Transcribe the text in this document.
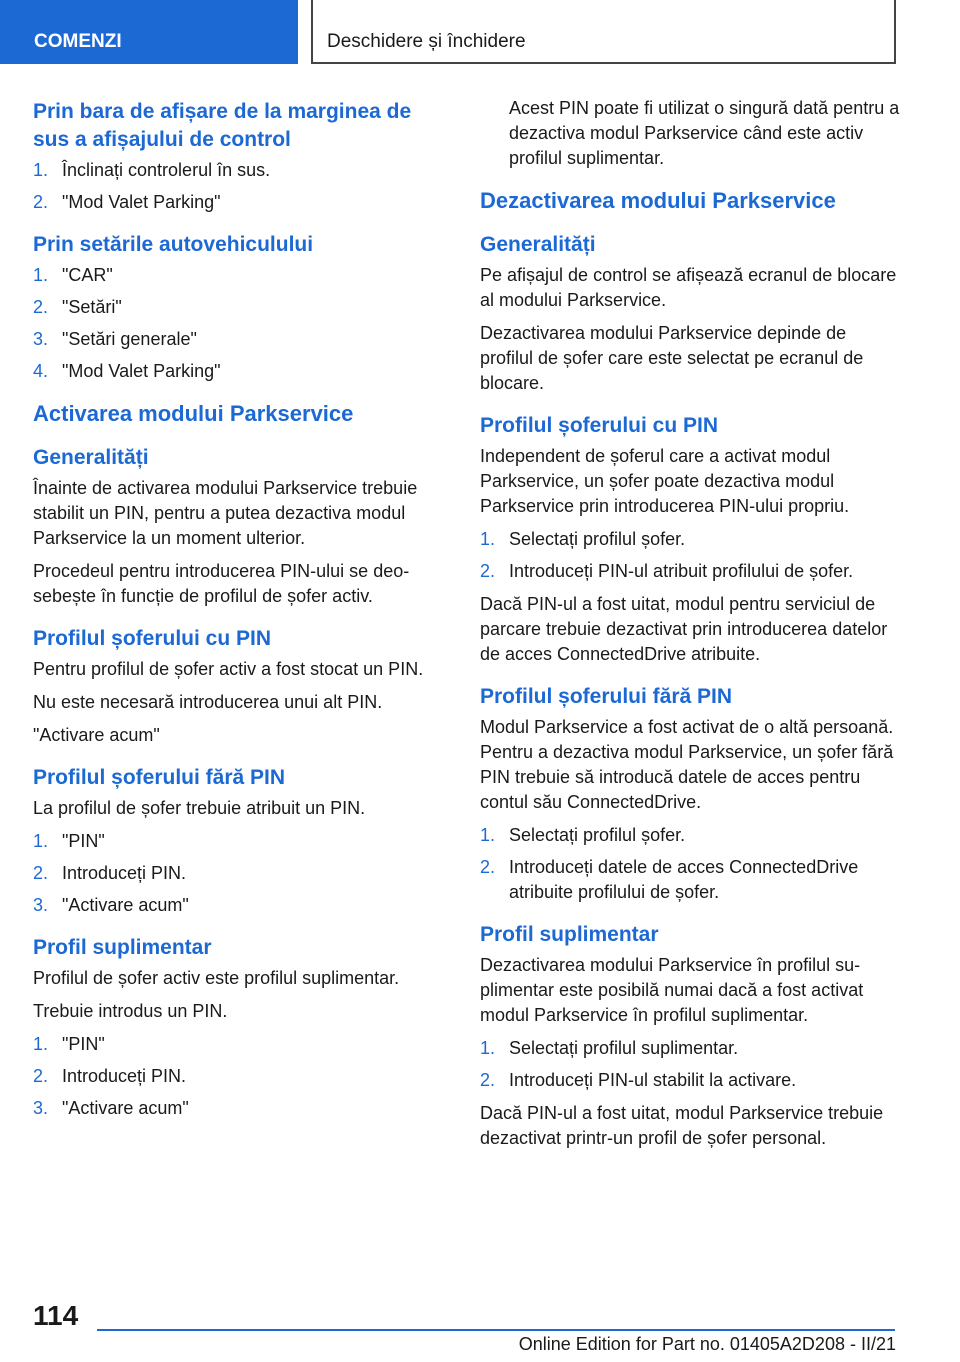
COMENZI	Deschidere și închidere
Prin bara de afișare de la marginea de sus a afișajului de control
1. Înclinați controlerul în sus.
2. "Mod Valet Parking"
Prin setările autovehiculului
1. "CAR"
2. "Setări"
3. "Setări generale"
4. "Mod Valet Parking"
Activarea modului Parkservice
Generalități

Înainte de activarea modului Parkservice trebuie stabilit un PIN, pentru a putea dezactiva modul Parkservice la un moment ulterior.

Procedeul pentru introducerea PIN-ului se deosebește în funcție de profilul de șofer activ.

Profilul șoferului cu PIN

Pentru profilul de șofer activ a fost stocat un PIN.

Nu este necesară introducerea unui alt PIN.

"Activare acum"

Profilul șoferului fără PIN

La profilul de șofer trebuie atribuit un PIN.

1. "PIN"
2. Introduceți PIN.
3. "Activare acum"
Profil suplimentar

Profilul de șofer activ este profilul suplimentar.

Trebuie introdus un PIN.

1. "PIN"
2. Introduceți PIN.
3. "Activare acum"

Acest PIN poate fi utilizat o singură dată pentru a dezactiva modul Parkservice când este activ profilul suplimentar.

Dezactivarea modului Parkservice
Generalități

Pe afișajul de control se afișează ecranul de blocare al modului Parkservice.

Dezactivarea modului Parkservice depinde de profilul de șofer care este selectat pe ecranul de blocare.

Profilul șoferului cu PIN

Independent de șoferul care a activat modul Parkservice, un șofer poate dezactiva modul Parkservice prin introducerea PIN-ului propriu.

1. Selectați profilul șofer.
2. Introduceți PIN-ul atribuit profilului de șofer.

Dacă PIN-ul a fost uitat, modul pentru serviciul de parcare trebuie dezactivat prin introducerea datelor de acces ConnectedDrive atribuite.

Profilul șoferului fără PIN

Modul Parkservice a fost activat de o altă persoană. Pentru a dezactiva modul Parkservice, un șofer fără PIN trebuie să introducă datele de acces pentru contul său ConnectedDrive.

1. Selectați profilul șofer.
2. Introduceți datele de acces ConnectedDrive atribuite profilului de șofer.
Profil suplimentar

Dezactivarea modului Parkservice în profilul suplimentar este posibilă numai dacă a fost activat modul Parkservice în profilul suplimentar.

1. Selectați profilul suplimentar.
2. Introduceți PIN-ul stabilit la activare.

Dacă PIN-ul a fost uitat, modul Parkservice trebuie dezactivat printr-un profil de șofer personal.

114
Online Edition for Part no. 01405A2D208 - II/21
